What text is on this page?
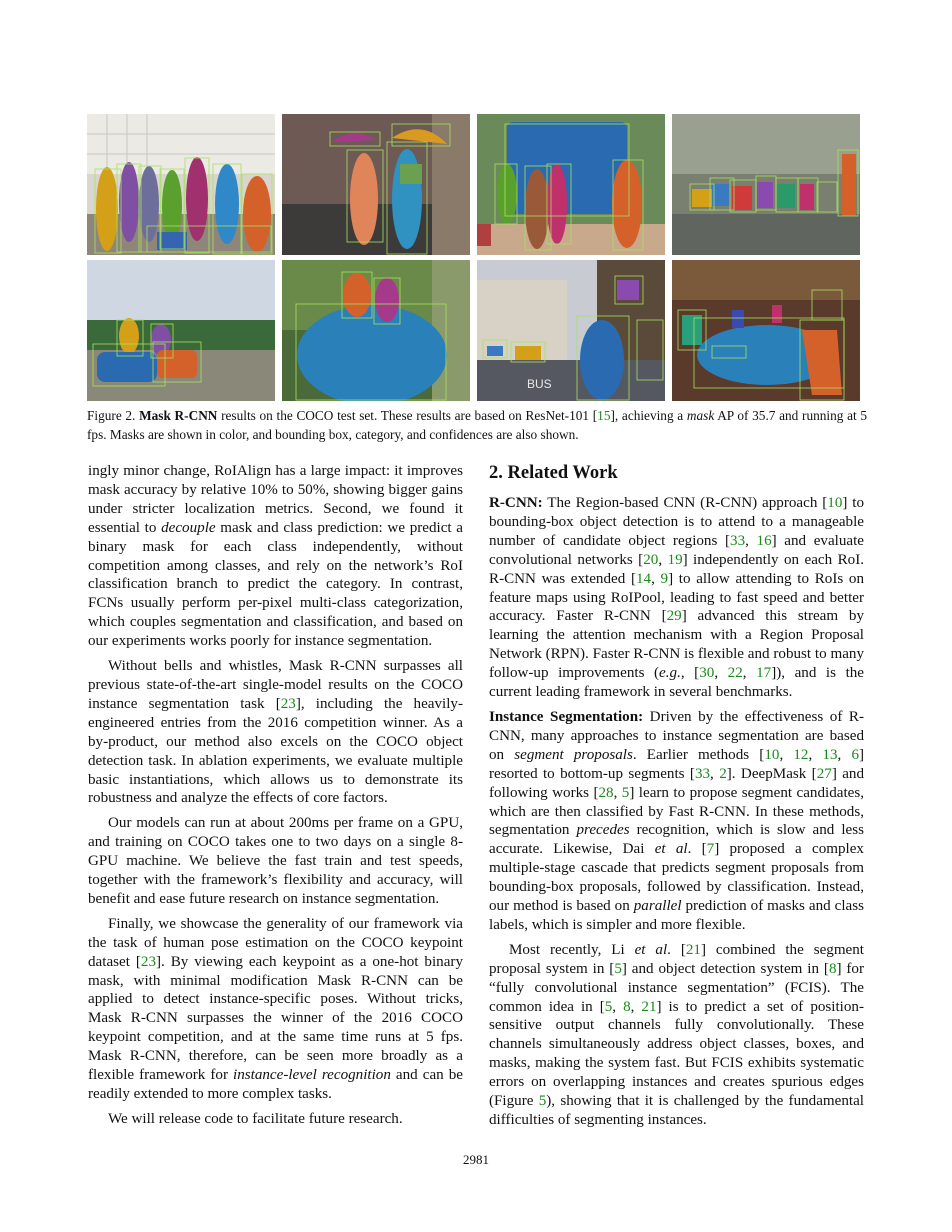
BUS
Figure 2. Mask R-CNN results on the COCO test set. These results are based on ResNet-101 [15], achieving a mask AP of 35.7 and running at 5 fps. Masks are shown in color, and bounding box, category, and confidences are also shown.

ingly minor change, RoIAlign has a large impact: it improves mask accuracy by relative 10% to 50%, showing bigger gains under stricter localization metrics. Second, we found it essential to decouple mask and class prediction: we predict a binary mask for each class independently, without competition among classes, and rely on the network’s RoI classification branch to predict the category. In contrast, FCNs usually perform per-pixel multi-class categorization, which couples segmentation and classification, and based on our experiments works poorly for instance segmentation.

Without bells and whistles, Mask R-CNN surpasses all previous state-of-the-art single-model results on the COCO instance segmentation task [23], including the heavily-engineered entries from the 2016 competition winner. As a by-product, our method also excels on the COCO object detection task. In ablation experiments, we evaluate multiple basic instantiations, which allows us to demonstrate its robustness and analyze the effects of core factors.

Our models can run at about 200ms per frame on a GPU, and training on COCO takes one to two days on a single 8-GPU machine. We believe the fast train and test speeds, together with the framework’s flexibility and accuracy, will benefit and ease future research on instance segmentation.

Finally, we showcase the generality of our framework via the task of human pose estimation on the COCO keypoint dataset [23]. By viewing each keypoint as a one-hot binary mask, with minimal modification Mask R-CNN can be applied to detect instance-specific poses. Without tricks, Mask R-CNN surpasses the winner of the 2016 COCO keypoint competition, and at the same time runs at 5 fps. Mask R-CNN, therefore, can be seen more broadly as a flexible framework for instance-level recognition and can be readily extended to more complex tasks.

We will release code to facilitate future research.

2. Related Work

R-CNN: The Region-based CNN (R-CNN) approach [10] to bounding-box object detection is to attend to a manageable number of candidate object regions [33, 16] and evaluate convolutional networks [20, 19] independently on each RoI. R-CNN was extended [14, 9] to allow attending to RoIs on feature maps using RoIPool, leading to fast speed and better accuracy. Faster R-CNN [29] advanced this stream by learning the attention mechanism with a Region Proposal Network (RPN). Faster R-CNN is flexible and robust to many follow-up improvements (e.g., [30, 22, 17]), and is the current leading framework in several benchmarks.

Instance Segmentation: Driven by the effectiveness of R-CNN, many approaches to instance segmentation are based on segment proposals. Earlier methods [10, 12, 13, 6] resorted to bottom-up segments [33, 2]. DeepMask [27] and following works [28, 5] learn to propose segment candidates, which are then classified by Fast R-CNN. In these methods, segmentation precedes recognition, which is slow and less accurate. Likewise, Dai et al. [7] proposed a complex multiple-stage cascade that predicts segment proposals from bounding-box proposals, followed by classification. Instead, our method is based on parallel prediction of masks and class labels, which is simpler and more flexible.

Most recently, Li et al. [21] combined the segment proposal system in [5] and object detection system in [8] for “fully convolutional instance segmentation” (FCIS). The common idea in [5, 8, 21] is to predict a set of position-sensitive output channels fully convolutionally. These channels simultaneously address object classes, boxes, and masks, making the system fast. But FCIS exhibits systematic errors on overlapping instances and creates spurious edges (Figure 5), showing that it is challenged by the fundamental difficulties of segmenting instances.

2981
